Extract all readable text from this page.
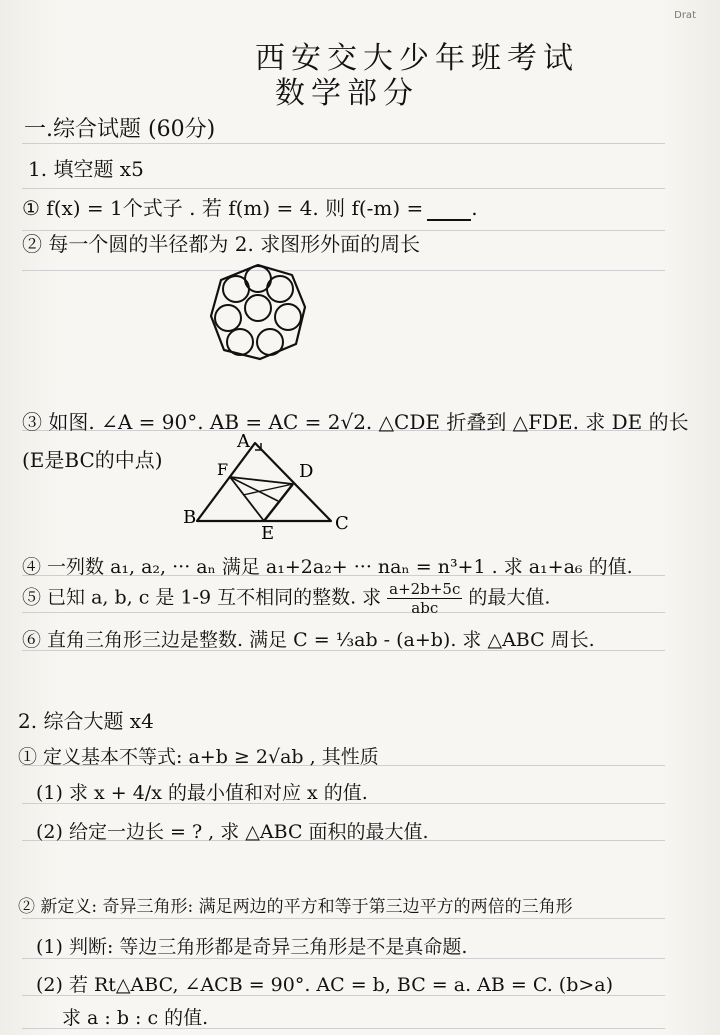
Drat
西安交大少年班考试
数学部分
一.综合试题 (60分)
1. 填空题 x5
① f(x) = 1个式子 . 若 f(m) = 4. 则 f(-m) = .
② 每一个圆的半径都为 2. 求图形外面的周长
③ 如图. ∠A = 90°. AB = AC = 2√2. △CDE 折叠到 △FDE. 求 DE 的长
(E是BC的中点)
A
F	D
B
E	C
④ 一列数 a₁, a₂, ··· aₙ 满足 a₁+2a₂+ ··· naₙ = n³+1 . 求 a₁+a₆ 的值.
⑤ 已知 a, b, c 是 1-9 互不相同的整数. 求 $\frac{a+2b+5c}{\text{abc}}$ 的最大值.
⑥ 直角三角形三边是整数. 满足 C = ⅓ab - (a+b). 求 △ABC 周长.
2. 综合大题 x4
① 定义基本不等式: a+b ≥ 2√ab , 其性质
(1) 求 x + 4/x 的最小值和对应 x 的值.
(2) 给定一边长 = ? , 求 △ABC 面积的最大值.
② 新定义: 奇异三角形: 满足两边的平方和等于第三边平方的两倍的三角形
(1) 判断: 等边三角形都是奇异三角形是不是真命题.
(2) 若 Rt△ABC, ∠ACB = 90°. AC = b, BC = a. AB = C. (b>a)
求 a : b : c 的值.
